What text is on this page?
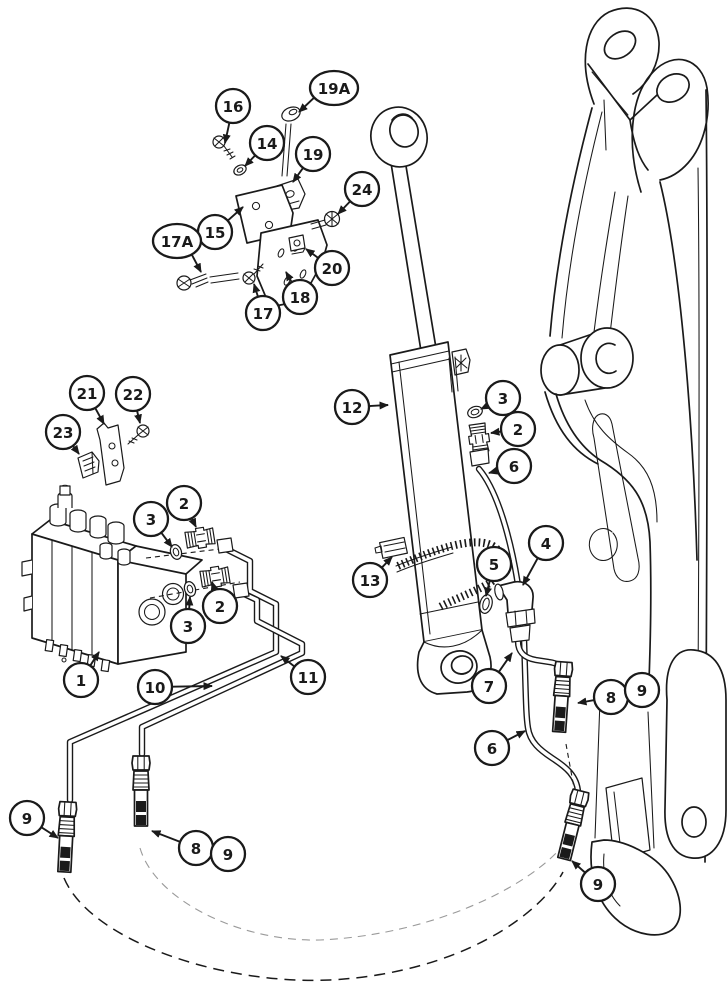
16
19A
14
19
24
15
17A
20
18
17
12	3
2
6
21 22
23
3
2
3
2
13
5
4
1	10
11	7
6
8 9
9
8 9
9
